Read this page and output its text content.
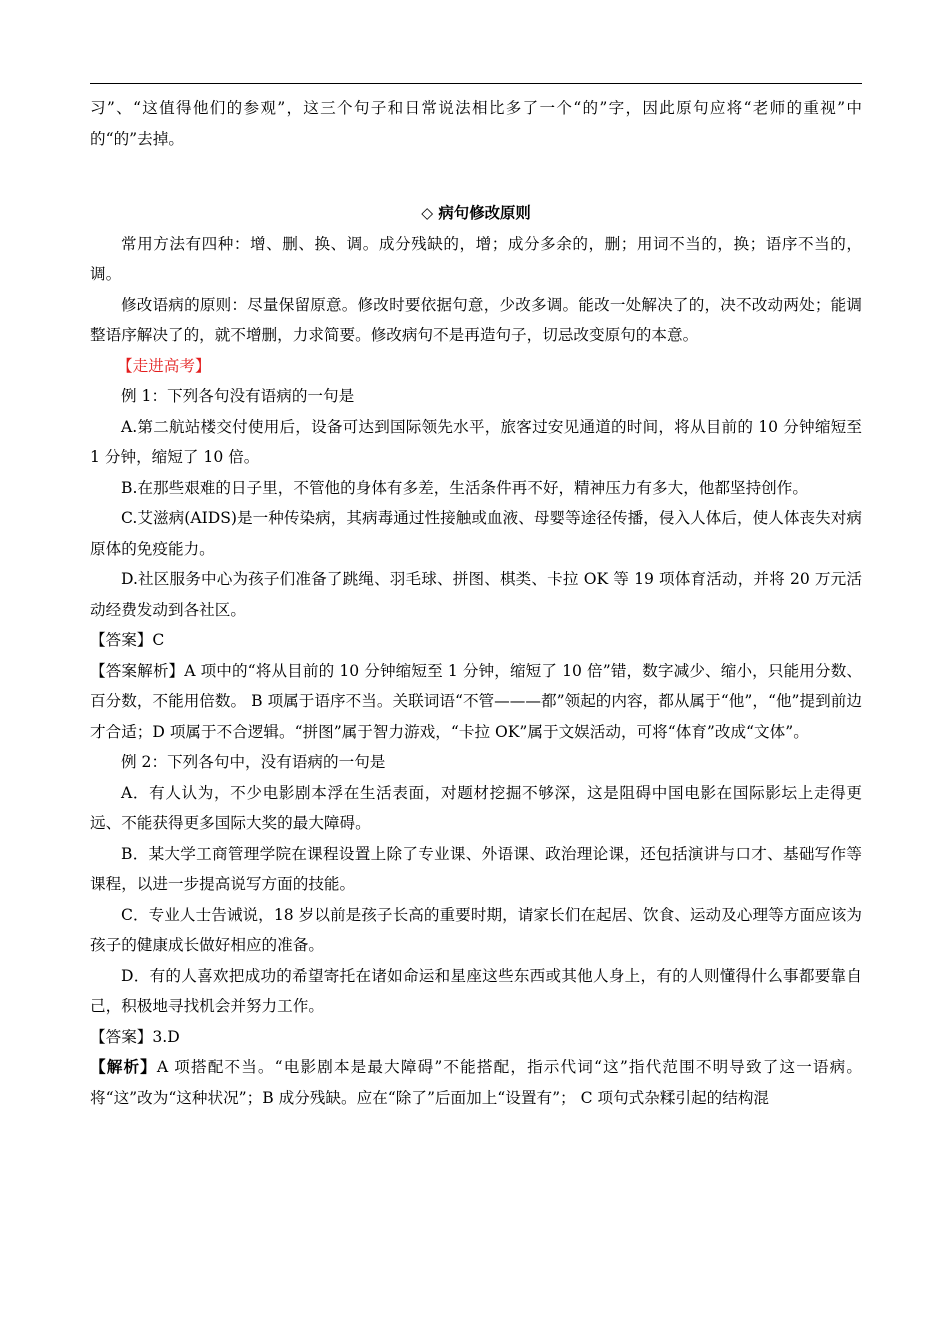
习”、“这值得他们的参观”，这三个句子和日常说法相比多了一个“的”字，因此原句应将“老师的重视”中的“的”去掉。

◇ 病句修改原则

常用方法有四种：增、删、换、调。成分残缺的，增；成分多余的，删；用词不当的，换；语序不当的，调。

修改语病的原则：尽量保留原意。修改时要依据句意，少改多调。能改一处解决了的，决不改动两处；能调整语序解决了的，就不增删，力求简要。修改病句不是再造句子，切忌改变原句的本意。

【走进高考】

例 1：下列各句没有语病的一句是

A.第二航站楼交付使用后，设备可达到国际领先水平，旅客过安见通道的时间，将从目前的 10 分钟缩短至 1 分钟，缩短了 10 倍。

B.在那些艰难的日子里，不管他的身体有多差，生活条件再不好，精神压力有多大，他都坚持创作。

C.艾滋病(AIDS)是一种传染病，其病毒通过性接触或血液、母婴等途径传播，侵入人体后，使人体丧失对病原体的免疫能力。

D.社区服务中心为孩子们准备了跳绳、羽毛球、拼图、棋类、卡拉 OK 等 19 项体育活动，并将 20 万元活动经费发动到各社区。

【答案】C

【答案解析】A 项中的“将从目前的 10 分钟缩短至 1 分钟，缩短了 10 倍”错，数字减少、缩小，只能用分数、百分数，不能用倍数。 B 项属于语序不当。关联词语“不管———都”领起的内容，都从属于“他”，“他”提到前边才合适；D 项属于不合逻辑。“拼图”属于智力游戏，“卡拉 OK”属于文娱活动，可将“体育”改成“文体”。

例 2：下列各句中，没有语病的一句是

A．有人认为，不少电影剧本浮在生活表面，对题材挖掘不够深，这是阻碍中国电影在国际影坛上走得更远、不能获得更多国际大奖的最大障碍。

B．某大学工商管理学院在课程设置上除了专业课、外语课、政治理论课，还包括演讲与口才、基础写作等课程，以进一步提高说写方面的技能。

C．专业人士告诫说，18 岁以前是孩子长高的重要时期，请家长们在起居、饮食、运动及心理等方面应该为孩子的健康成长做好相应的准备。

D．有的人喜欢把成功的希望寄托在诸如命运和星座这些东西或其他人身上，有的人则懂得什么事都要靠自己，积极地寻找机会并努力工作。

【答案】3.D

【解析】A 项搭配不当。“电影剧本是最大障碍”不能搭配，指示代词“这”指代范围不明导致了这一语病。将“这”改为“这种状况”；B 成分残缺。应在“除了”后面加上“设置有”； C 项句式杂糅引起的结构混
